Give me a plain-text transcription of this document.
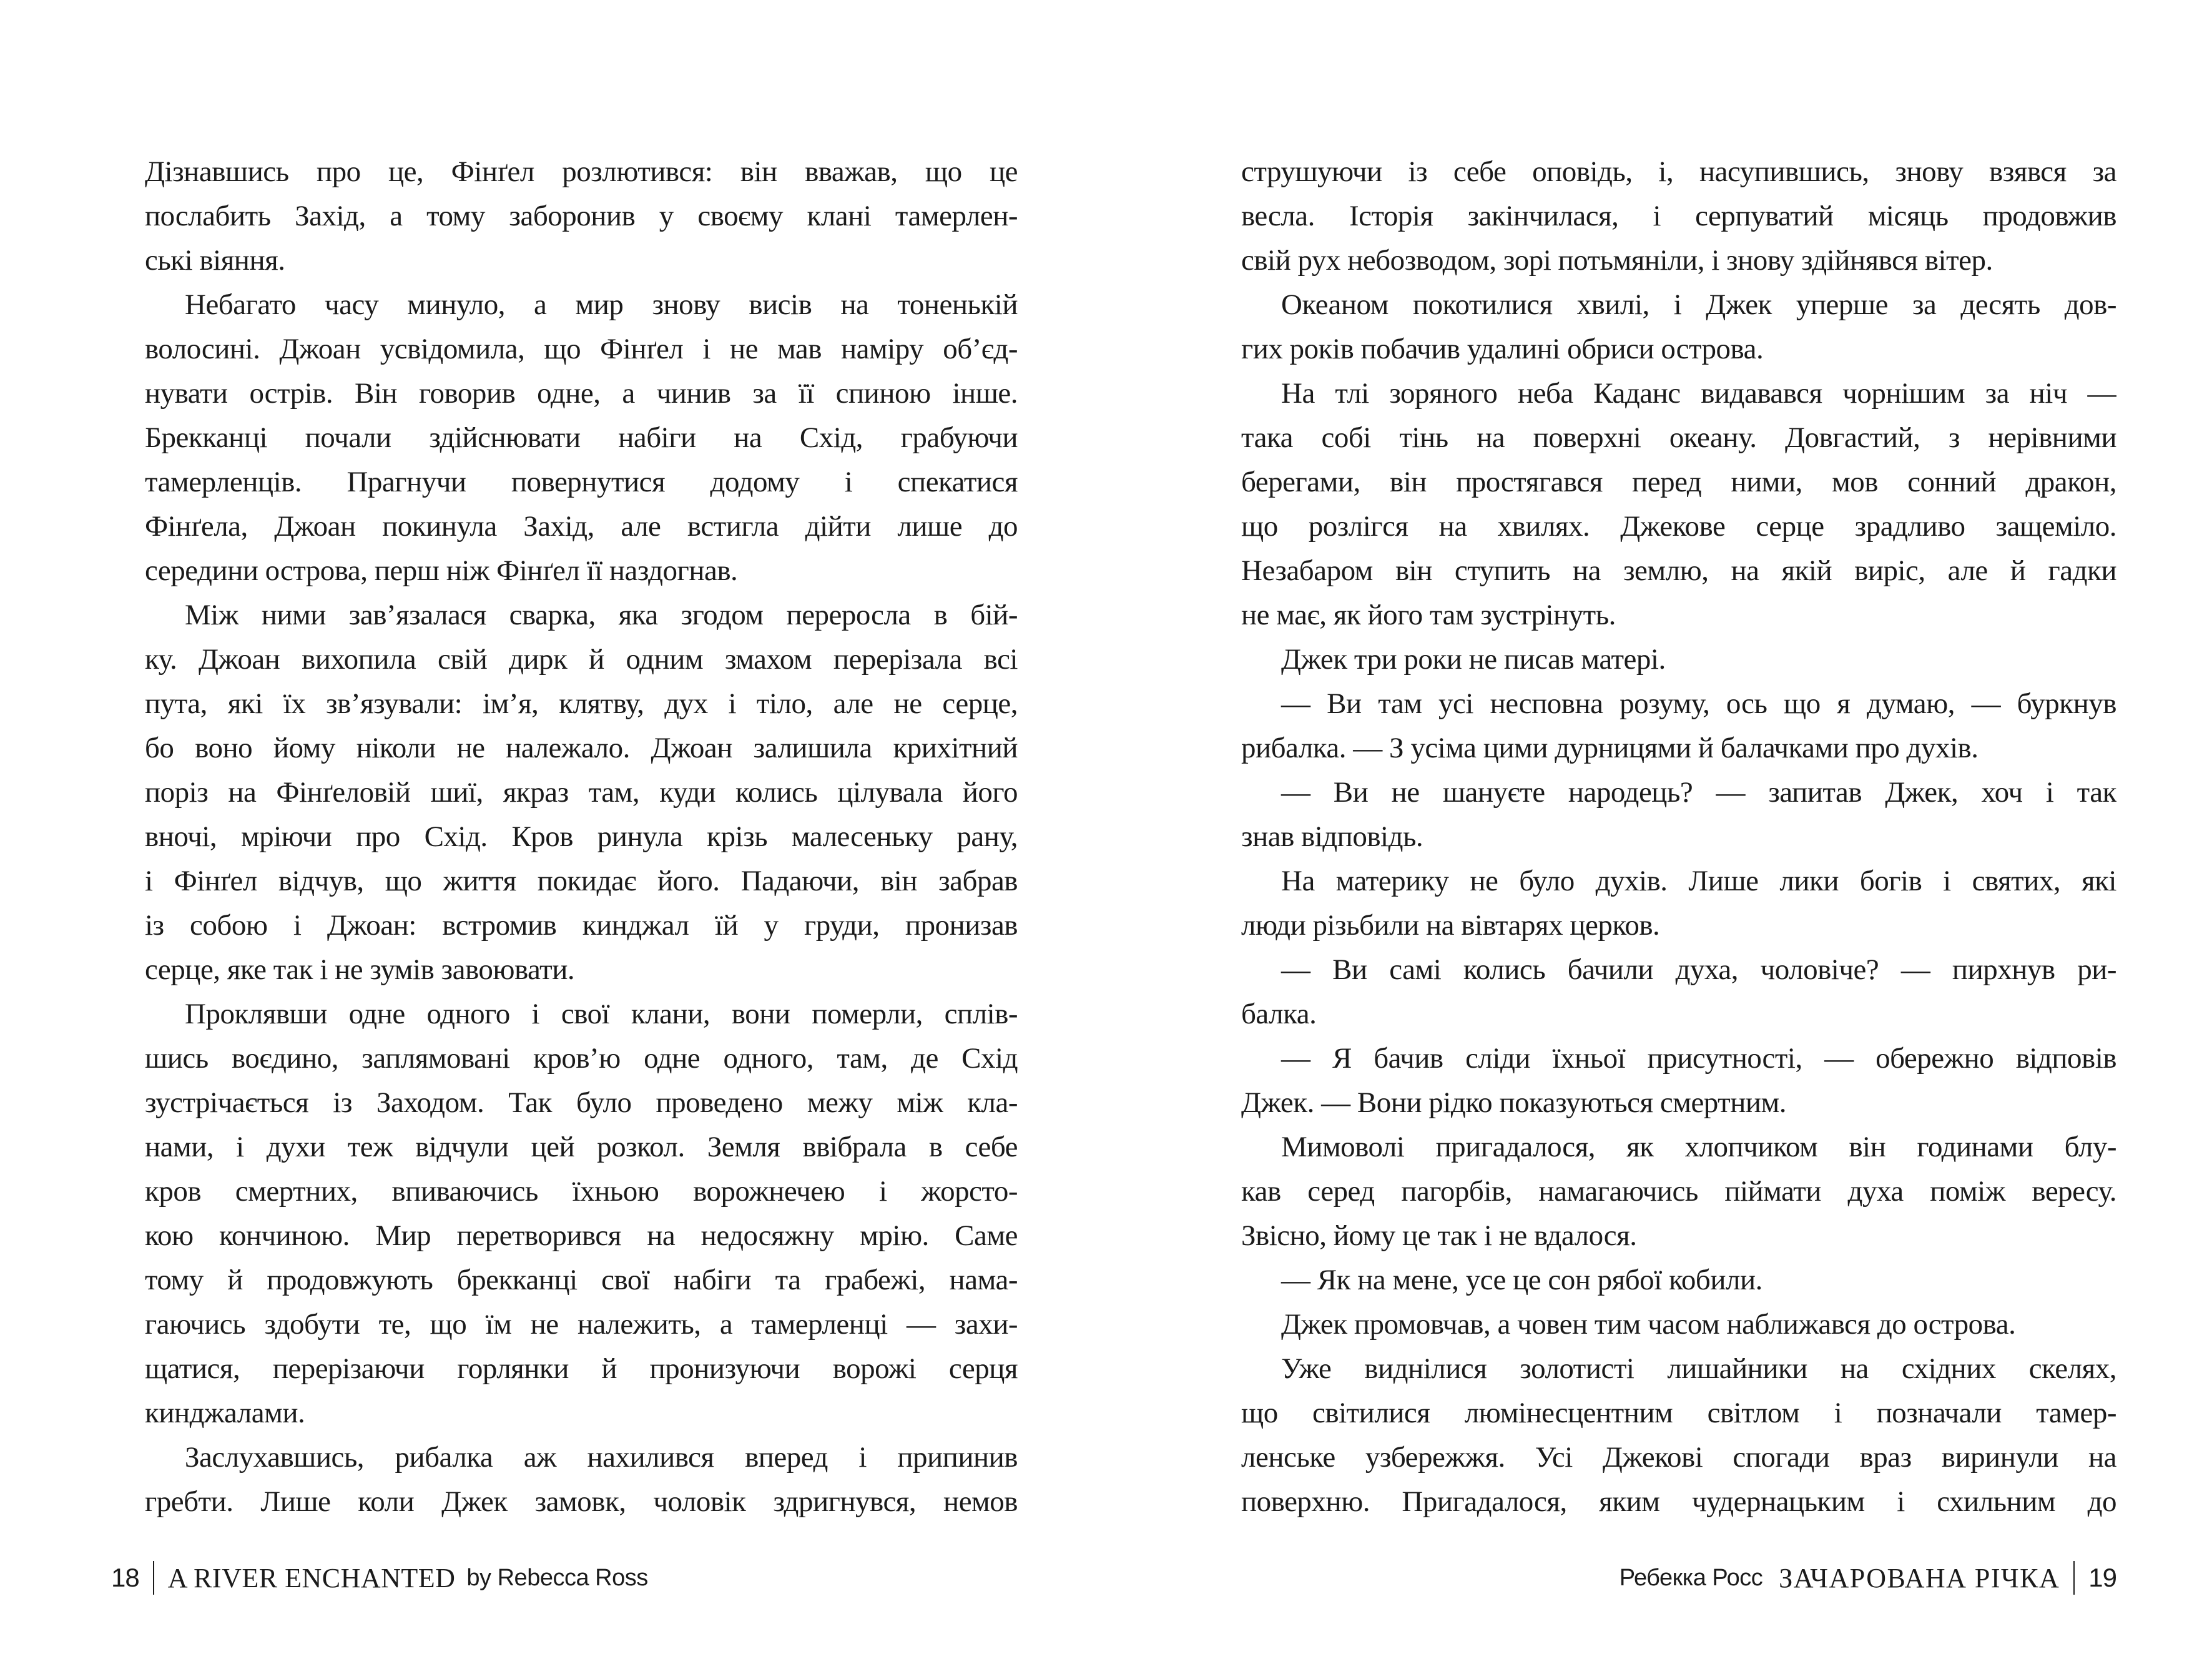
Дізнавшись про це, Фінґел розлютився: він вважав, що це
послабить Захід, а тому заборонив у своєму клані тамерлен-
ські віяння.
Небагато часу минуло, а мир знову висів на тоненькій
волосині. Джоан усвідомила, що Фінґел і не мав наміру об’єд-
нувати острів. Він говорив одне, а чинив за її спиною інше.
Брекканці почали здійснювати набіги на Схід, грабуючи
тамерленців. Прагнучи повернутися додому і спекатися
Фінґела, Джоан покинула Захід, але встигла дійти лише до
середини острова, перш ніж Фінґел її наздогнав.
Між ними зав’язалася сварка, яка згодом переросла в бій-
ку. Джоан вихопила свій дирк й одним змахом перерізала всі
пута, які їх зв’язували: ім’я, клятву, дух і тіло, але не серце,
бо воно йому ніколи не належало. Джоан залишила крихітний
поріз на Фінґеловій шиї, якраз там, куди колись цілувала його
вночі, мріючи про Схід. Кров ринула крізь малесеньку рану,
і Фінґел відчув, що життя покидає його. Падаючи, він забрав
із собою і Джоан: встромив кинджал їй у груди, пронизав
серце, яке так і не зумів завоювати.
Проклявши одне одного і свої клани, вони померли, сплів-
шись воєдино, заплямовані кров’ю одне одного, там, де Схід
зустрічається із Заходом. Так було проведено межу між кла-
нами, і духи теж відчули цей розкол. Земля ввібрала в себе
кров смертних, впиваючись їхньою ворожнечею і жорсто-
кою кончиною. Мир перетворився на недосяжну мрію. Саме
тому й продовжують брекканці свої набіги та грабежі, нама-
гаючись здобути те, що їм не належить, а тамерленці — захи-
щатися, перерізаючи горлянки й пронизуючи ворожі серця
кинджалами.
Заслухавшись, рибалка аж нахилився вперед і припинив
гребти. Лише коли Джек замовк, чоловік здригнувся, немов
струшуючи із себе оповідь, і, насупившись, знову взявся за
весла. Історія закінчилася, і серпуватий місяць продовжив
свій рух небозводом, зорі потьмяніли, і знову здійнявся вітер.
Океаном покотилися хвилі, і Джек уперше за десять дов-
гих років побачив удалині обриси острова.
На тлі зоряного неба Каданс видавався чорнішим за ніч —
така собі тінь на поверхні океану. Довгастий, з нерівними
берегами, він простягався перед ними, мов сонний дракон,
що розлігся на хвилях. Джекове серце зрадливо защеміло.
Незабаром він ступить на землю, на якій виріс, але й гадки
не має, як його там зустрінуть.
Джек три роки не писав матері.
— Ви там усі несповна розуму, ось що я думаю, — буркнув
рибалка. — З усіма цими дурницями й балачками про духів.
— Ви не шануєте народець? — запитав Джек, хоч і так
знав відповідь.
На материку не було духів. Лише лики богів і святих, які
люди різьбили на вівтарях церков.
— Ви самі колись бачили духа, чоловіче? — пирхнув ри-
балка.
— Я бачив сліди їхньої присутності, — обережно відповів
Джек. — Вони рідко показуються смертним.
Мимоволі пригадалося, як хлопчиком він годинами блу-
кав серед пагорбів, намагаючись піймати духа поміж вересу.
Звісно, йому це так і не вдалося.
— Як на мене, усе це сон рябої кобили.
Джек промовчав, а човен тим часом наближався до острова.
Уже виднілися золотисті лишайники на східних скелях,
що світилися люмінесцентним світлом і позначали тамер-
ленське узбережжя. Усі Джекові спогади враз виринули на
поверхню. Пригадалося, яким чудернацьким і схильним до
18 A RIVER ENCHANTED by Rebecca Ross	Ребекка Росс ЗАЧАРОВАНА РІЧКА 19
